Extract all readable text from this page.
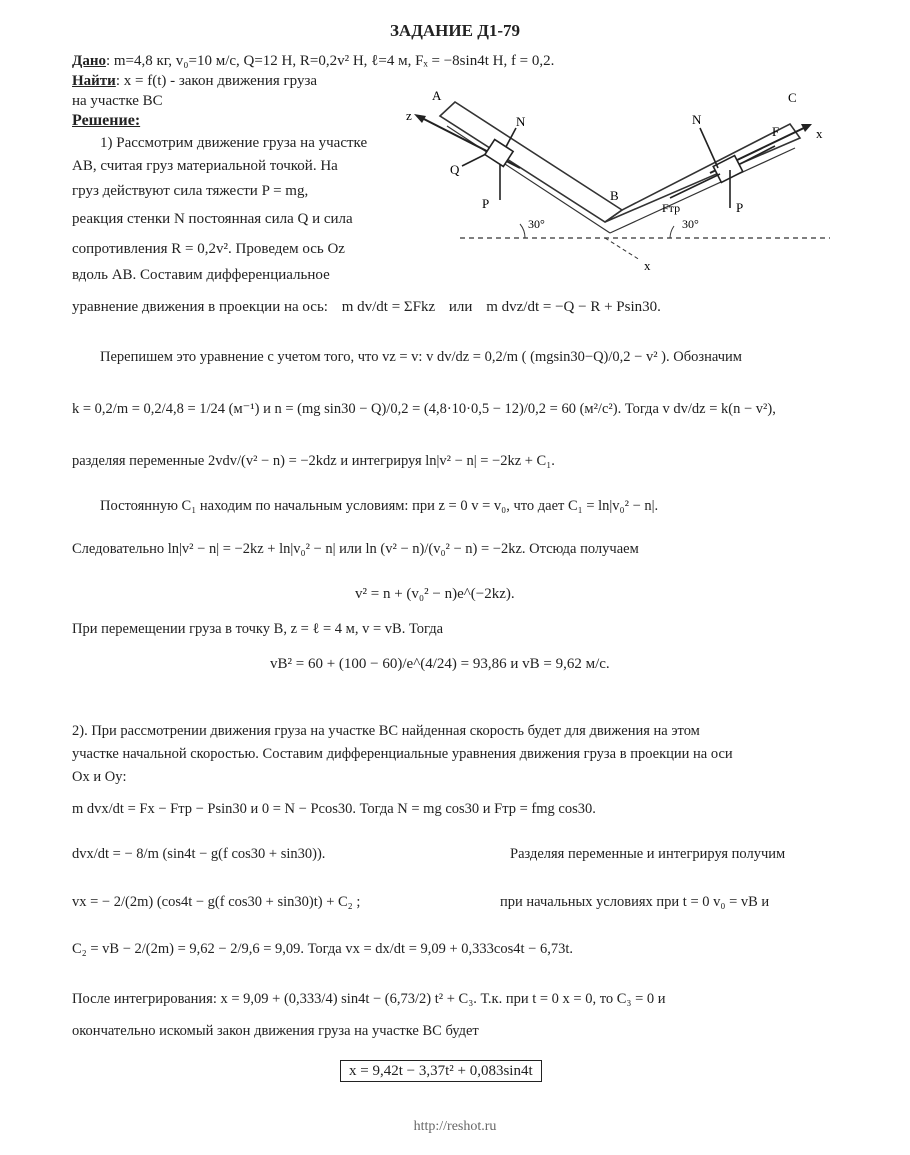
ЗАДАНИЕ Д1-79
Дано: m=4,8 кг, v₀=10 м/с, Q=12 Н, R=0,2v² Н, ℓ=4 м, Fₓ = −8sin4t Н, f = 0,2.
Найти: x = f(t) - закон движения груза
на участке BC
Решение:
1) Рассмотрим движение груза на участке
AB, считая груз материальной точкой. На
груз действуют сила тяжести P = mg,
реакция стенки N постоянная сила Q и сила
сопротивления R = 0,2v². Проведем ось Oz
вдоль AB. Составим дифференциальное
A
z	N
Q
P
30°
B
x
C
N
F
Fтр	P
30°
x
уравнение движения в проекции на ось: m dv/dt = ΣFkz или m dvz/dt = −Q − R + Psin30.
Перепишем это уравнение с учетом того, что vz = v: v dv/dz = 0,2/m ( (mgsin30−Q)/0,2 − v² ). Обозначим
k = 0,2/m = 0,2/4,8 = 1/24 (м⁻¹) и n = (mg sin30 − Q)/0,2 = (4,8·10·0,5 − 12)/0,2 = 60 (м²/с²). Тогда v dv/dz = k(n − v²),
разделяя переменные 2vdv/(v² − n) = −2kdz и интегрируя ln|v² − n| = −2kz + C₁.
Постоянную C₁ находим по начальным условиям: при z = 0 v = v₀, что дает C₁ = ln|v₀² − n|.
Следовательно ln|v² − n| = −2kz + ln|v₀² − n| или ln (v² − n)/(v₀² − n) = −2kz. Отсюда получаем
v² = n + (v₀² − n)e^(−2kz).
При перемещении груза в точку B, z = ℓ = 4 м, v = vB. Тогда
vB² = 60 + (100 − 60)/e^(4/24) = 93,86 и vB = 9,62 м/с.
2). При рассмотрении движения груза на участке BC найденная скорость будет для движения на этом
участке начальной скоростью. Составим дифференциальные уравнения движения груза в проекции на оси
Ox и Oy:
m dvx/dt = Fx − Fтр − Psin30 и 0 = N − Pcos30. Тогда N = mg cos30 и Fтр = fmg cos30.
dvx/dt = − 8/m (sin4t − g(f cos30 + sin30)).	Разделяя переменные и интегрируя получим
vx = − 2/(2m) (cos4t − g(f cos30 + sin30)t) + C₂ ;	при начальных условиях при t = 0 v₀ = vB и
C₂ = vB − 2/(2m) = 9,62 − 2/9,6 = 9,09. Тогда vx = dx/dt = 9,09 + 0,333cos4t − 6,73t.
После интегрирования: x = 9,09 + (0,333/4) sin4t − (6,73/2) t² + C₃. Т.к. при t = 0 x = 0, то C₃ = 0 и
окончательно искомый закон движения груза на участке BC будет
x = 9,42t − 3,37t² + 0,083sin4t
http://reshot.ru
